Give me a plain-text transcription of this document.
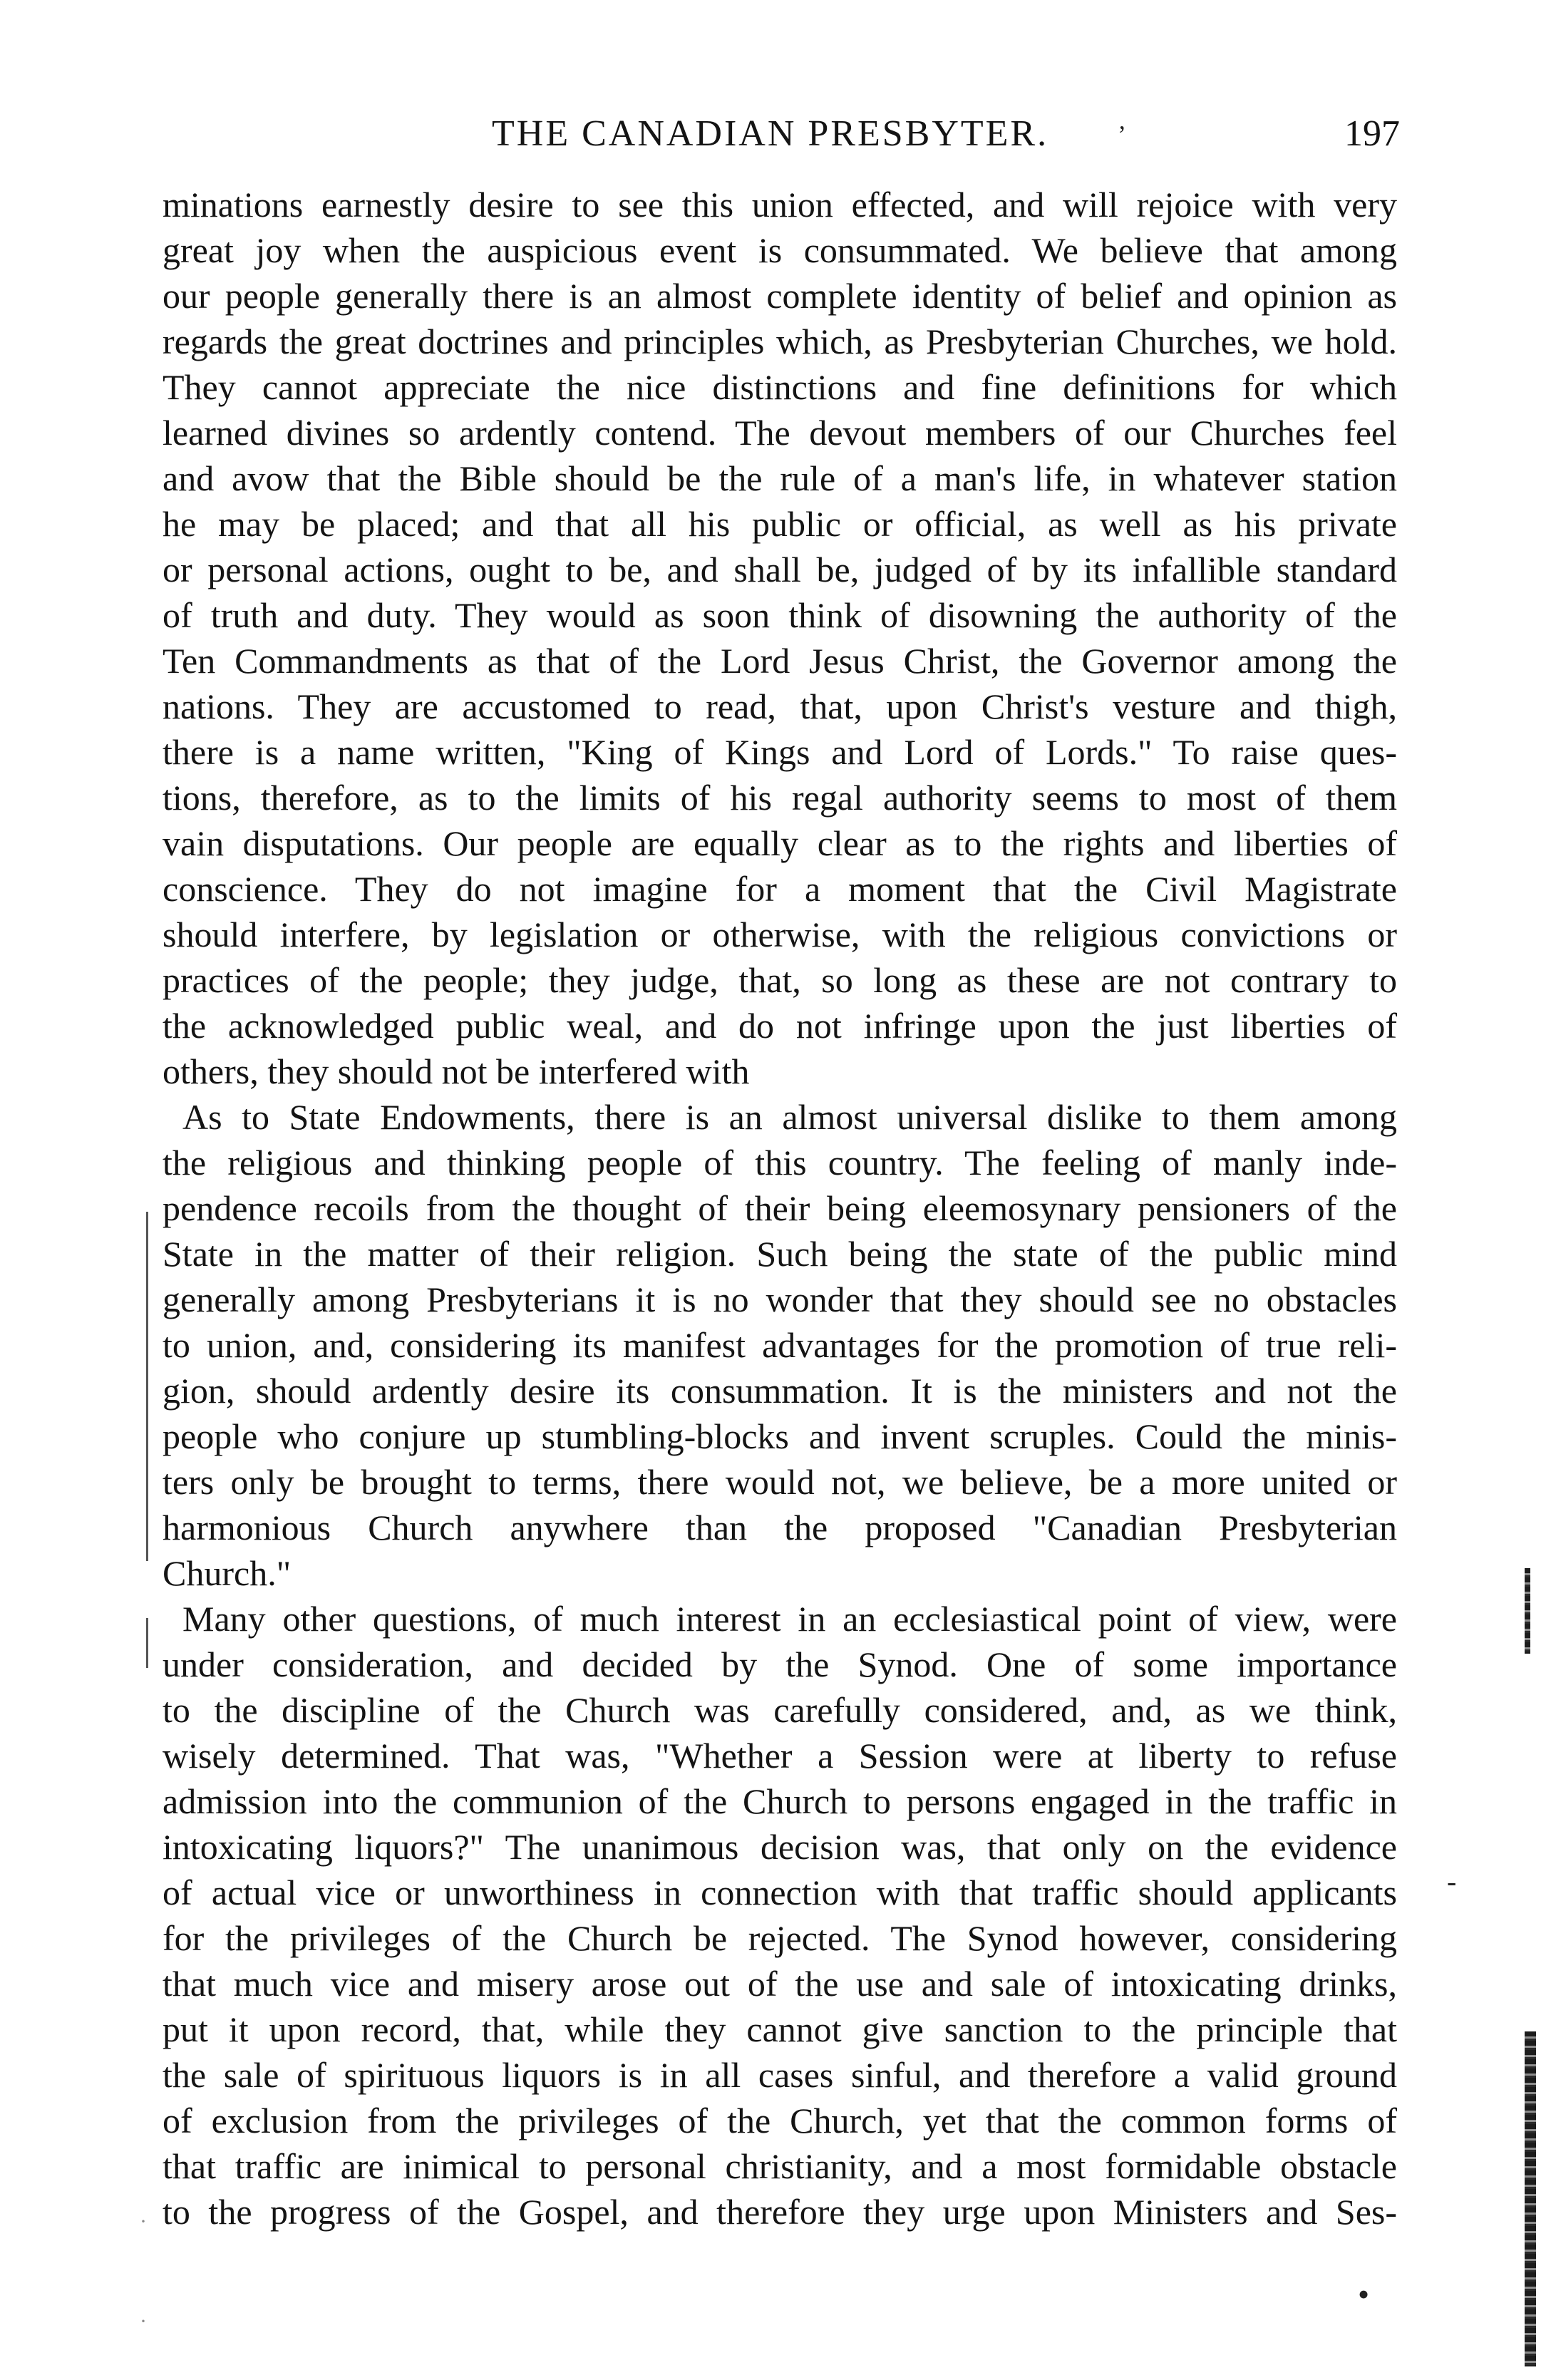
THE CANADIAN PRESBYTER.	197
ʼ
•
-
·
·
minations earnestly desire to see this union effected, and will rejoice with very
great joy when the auspicious event is consummated. We believe that among
our people generally there is an almost complete identity of belief and opinion as
regards the great doctrines and principles which, as Presbyterian Churches, we hold.
They cannot appreciate the nice distinctions and fine definitions for which
learned divines so ardently contend. The devout members of our Churches feel
and avow that the Bible should be the rule of a man's life, in whatever station
he may be placed; and that all his public or official, as well as his private
or personal actions, ought to be, and shall be, judged of by its infallible standard
of truth and duty. They would as soon think of disowning the authority of the
Ten Commandments as that of the Lord Jesus Christ, the Governor among the
nations. They are accustomed to read, that, upon Christ's vesture and thigh,
there is a name written, "King of Kings and Lord of Lords." To raise ques-
tions, therefore, as to the limits of his regal authority seems to most of them
vain disputations. Our people are equally clear as to the rights and liberties of
conscience. They do not imagine for a moment that the Civil Magistrate
should interfere, by legislation or otherwise, with the religious convictions or
practices of the people; they judge, that, so long as these are not contrary to
the acknowledged public weal, and do not infringe upon the just liberties of
others, they should not be interfered with
As to State Endowments, there is an almost universal dislike to them among
the religious and thinking people of this country. The feeling of manly inde-
pendence recoils from the thought of their being eleemosynary pensioners of the
State in the matter of their religion. Such being the state of the public mind
generally among Presbyterians it is no wonder that they should see no obstacles
to union, and, considering its manifest advantages for the promotion of true reli-
gion, should ardently desire its consummation. It is the ministers and not the
people who conjure up stumbling-blocks and invent scruples. Could the minis-
ters only be brought to terms, there would not, we believe, be a more united or
harmonious Church anywhere than the proposed "Canadian Presbyterian
Church."
Many other questions, of much interest in an ecclesiastical point of view, were
under consideration, and decided by the Synod. One of some importance
to the discipline of the Church was carefully considered, and, as we think,
wisely determined. That was, "Whether a Session were at liberty to refuse
admission into the communion of the Church to persons engaged in the traffic in
intoxicating liquors?" The unanimous decision was, that only on the evidence
of actual vice or unworthiness in connection with that traffic should applicants
for the privileges of the Church be rejected. The Synod however, considering
that much vice and misery arose out of the use and sale of intoxicating drinks,
put it upon record, that, while they cannot give sanction to the principle that
the sale of spirituous liquors is in all cases sinful, and therefore a valid ground
of exclusion from the privileges of the Church, yet that the common forms of
that traffic are inimical to personal christianity, and a most formidable obstacle
to the progress of the Gospel, and therefore they urge upon Ministers and Ses-
